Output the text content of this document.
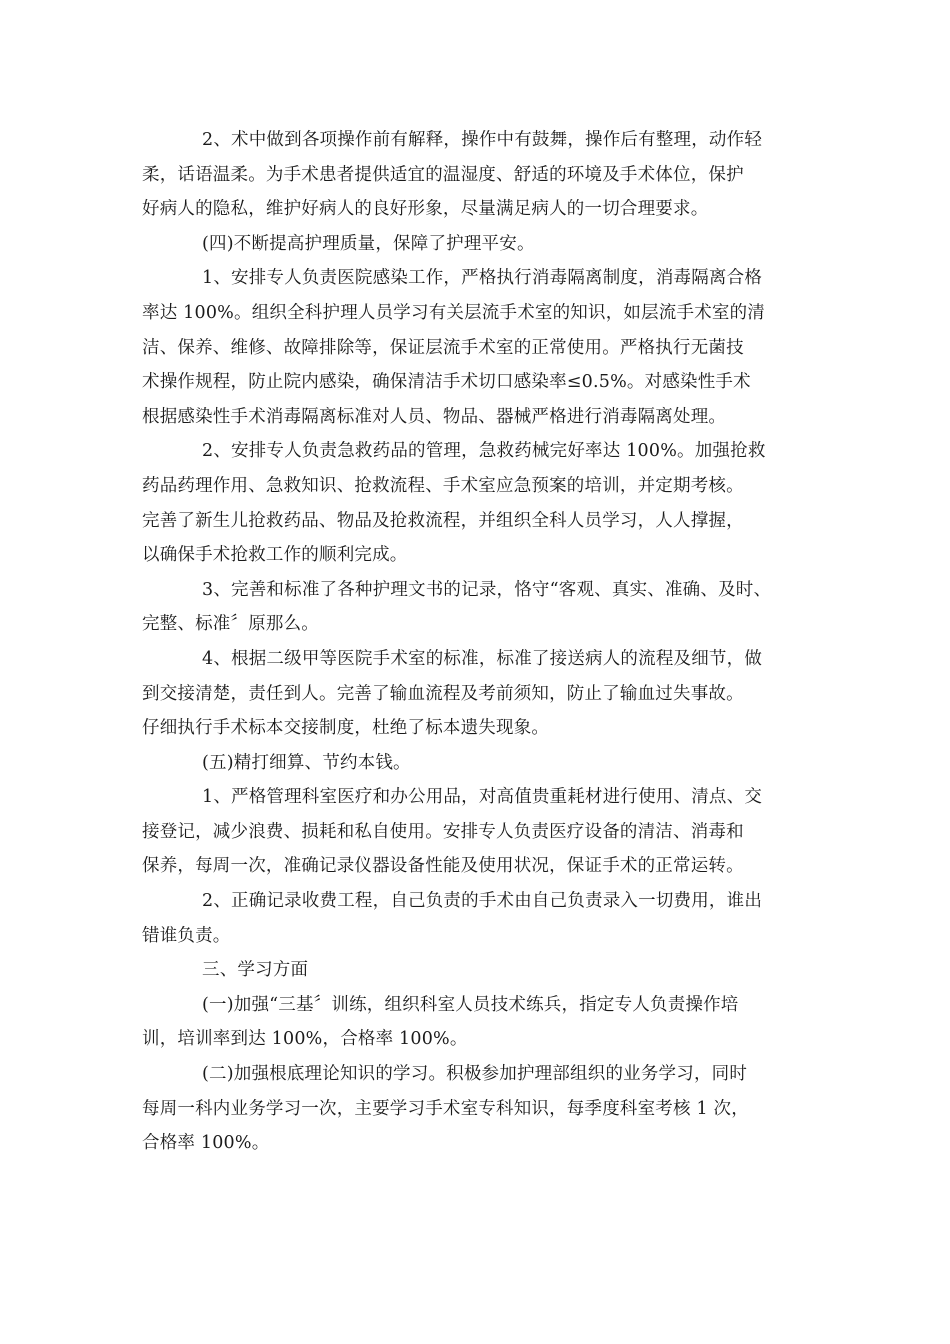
2、术中做到各项操作前有解释，操作中有鼓舞，操作后有整理，动作轻
柔，话语温柔。为手术患者提供适宜的温湿度、舒适的环境及手术体位，保护
好病人的隐私，维护好病人的良好形象，尽量满足病人的一切合理要求。

(四)不断提高护理质量，保障了护理平安。

1、安排专人负责医院感染工作，严格执行消毒隔离制度，消毒隔离合格
率达 100%。组织全科护理人员学习有关层流手术室的知识，如层流手术室的清
洁、保养、维修、故障排除等，保证层流手术室的正常使用。严格执行无菌技
术操作规程，防止院内感染，确保清洁手术切口感染率≤0.5%。对感染性手术
根据感染性手术消毒隔离标准对人员、物品、器械严格进行消毒隔离处理。

2、安排专人负责急救药品的管理，急救药械完好率达 100%。加强抢救
药品药理作用、急救知识、抢救流程、手术室应急预案的培训，并定期考核。
完善了新生儿抢救药品、物品及抢救流程，并组织全科人员学习，人人撑握，
以确保手术抢救工作的顺利完成。

3、完善和标准了各种护理文书的记录，恪守“客观、真实、准确、及时、
完整、标准〞原那么。

4、根据二级甲等医院手术室的标准，标准了接送病人的流程及细节，做
到交接清楚，责任到人。完善了输血流程及考前须知，防止了输血过失事故。
仔细执行手术标本交接制度，杜绝了标本遗失现象。

(五)精打细算、节约本钱。

1、严格管理科室医疗和办公用品，对高值贵重耗材进行使用、清点、交
接登记，减少浪费、损耗和私自使用。安排专人负责医疗设备的清洁、消毒和
保养，每周一次，准确记录仪器设备性能及使用状况，保证手术的正常运转。

2、正确记录收费工程，自己负责的手术由自己负责录入一切费用，谁出
错谁负责。

三、学习方面

(一)加强“三基〞训练，组织科室人员技术练兵，指定专人负责操作培
训，培训率到达 100%，合格率 100%。

(二)加强根底理论知识的学习。积极参加护理部组织的业务学习，同时
每周一科内业务学习一次，主要学习手术室专科知识，每季度科室考核 1 次，
合格率 100%。
